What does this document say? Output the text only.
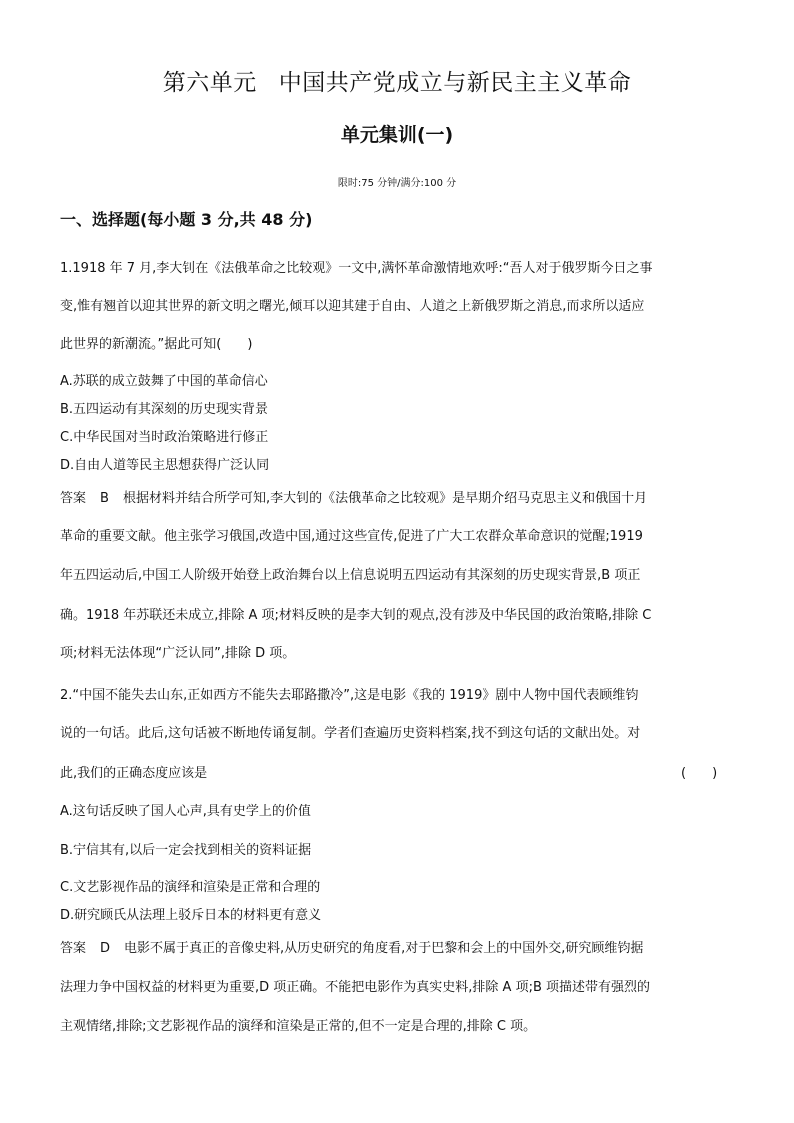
第六单元 中国共产党成立与新民主主义革命
单元集训(一)
限时:75 分钟/满分:100 分
一、选择题(每小题 3 分,共 48 分)
1.1918 年 7 月,李大钊在《法俄革命之比较观》一文中,满怀革命激情地欢呼:“吾人对于俄罗斯今日之事
变,惟有翘首以迎其世界的新文明之曙光,倾耳以迎其建于自由、人道之上新俄罗斯之消息,而求所以适应
此世界的新潮流。”据此可知(　　)
A.苏联的成立鼓舞了中国的革命信心
B.五四运动有其深刻的历史现实背景
C.中华民国对当时政治策略进行修正
D.自由人道等民主思想获得广泛认同
答案 B 根据材料并结合所学可知,李大钊的《法俄革命之比较观》是早期介绍马克思主义和俄国十月
革命的重要文献。他主张学习俄国,改造中国,通过这些宣传,促进了广大工农群众革命意识的觉醒;1919
年五四运动后,中国工人阶级开始登上政治舞台以上信息说明五四运动有其深刻的历史现实背景,B 项正
确。1918 年苏联还未成立,排除 A 项;材料反映的是李大钊的观点,没有涉及中华民国的政治策略,排除 C
项;材料无法体现“广泛认同”,排除 D 项。
2.“中国不能失去山东,正如西方不能失去耶路撒冷”,这是电影《我的 1919》剧中人物中国代表顾维钧
说的一句话。此后,这句话被不断地传诵复制。学者们查遍历史资料档案,找不到这句话的文献出处。对
此,我们的正确态度应该是	(　　)
A.这句话反映了国人心声,具有史学上的价值
B.宁信其有,以后一定会找到相关的资料证据
C.文艺影视作品的演绎和渲染是正常和合理的
D.研究顾氏从法理上驳斥日本的材料更有意义
答案 D 电影不属于真正的音像史料,从历史研究的角度看,对于巴黎和会上的中国外交,研究顾维钧据
法理力争中国权益的材料更为重要,D 项正确。不能把电影作为真实史料,排除 A 项;B 项描述带有强烈的
主观情绪,排除;文艺影视作品的演绎和渲染是正常的,但不一定是合理的,排除 C 项。
